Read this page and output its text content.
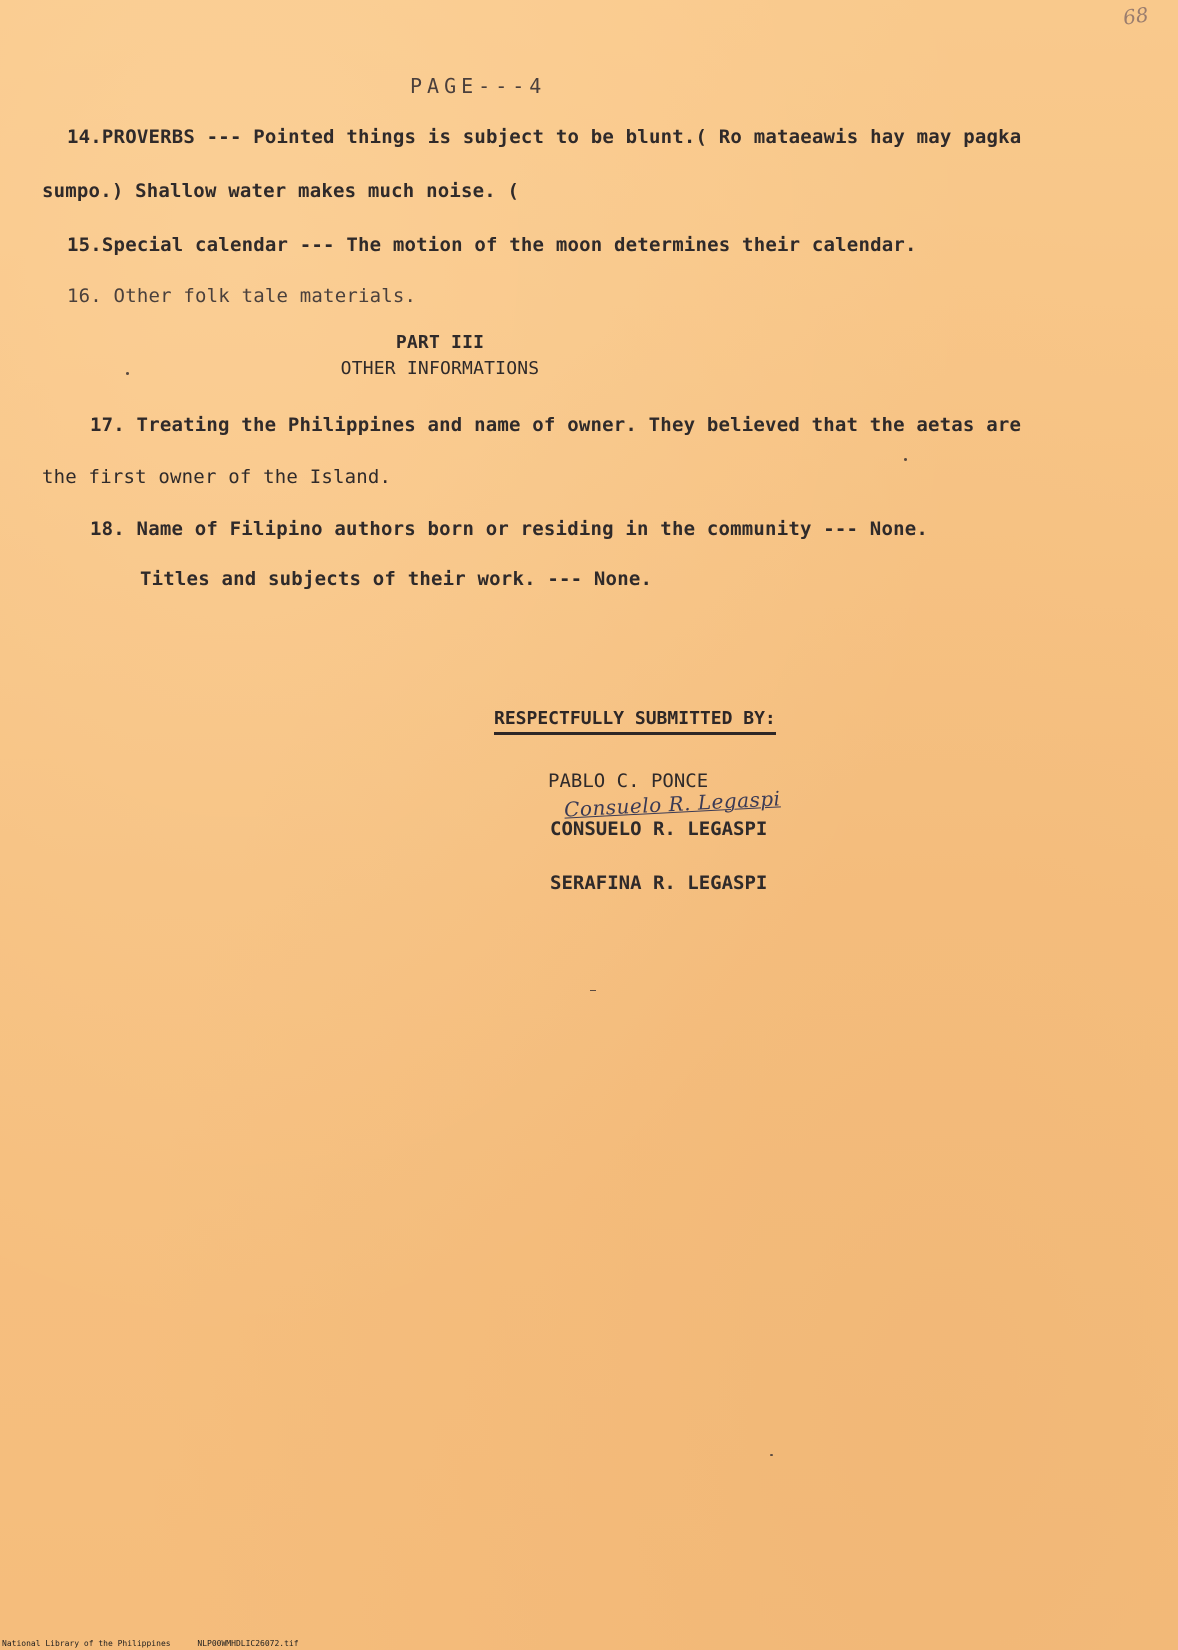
68
PAGE---4
14.PROVERBS --- Pointed things is subject to be blunt.( Ro mataeawis hay may pagka
sumpo.) Shallow water makes much noise. (
15.Special calendar --- The motion of the moon determines their calendar.
16. Other folk tale materials.
PART III
OTHER INFORMATIONS
17. Treating the Philippines and name of owner. They believed that the aetas are
the first owner of the Island.
18. Name of Filipino authors born or residing in the community --- None.
Titles and subjects of their work. --- None.
RESPECTFULLY SUBMITTED BY:
PABLO C. PONCE
Consuelo R. Legaspi
CONSUELO R. LEGASPI
SERAFINA R. LEGASPI
National Library of the Philippines	NLP00WMHDLIC26072.tif
